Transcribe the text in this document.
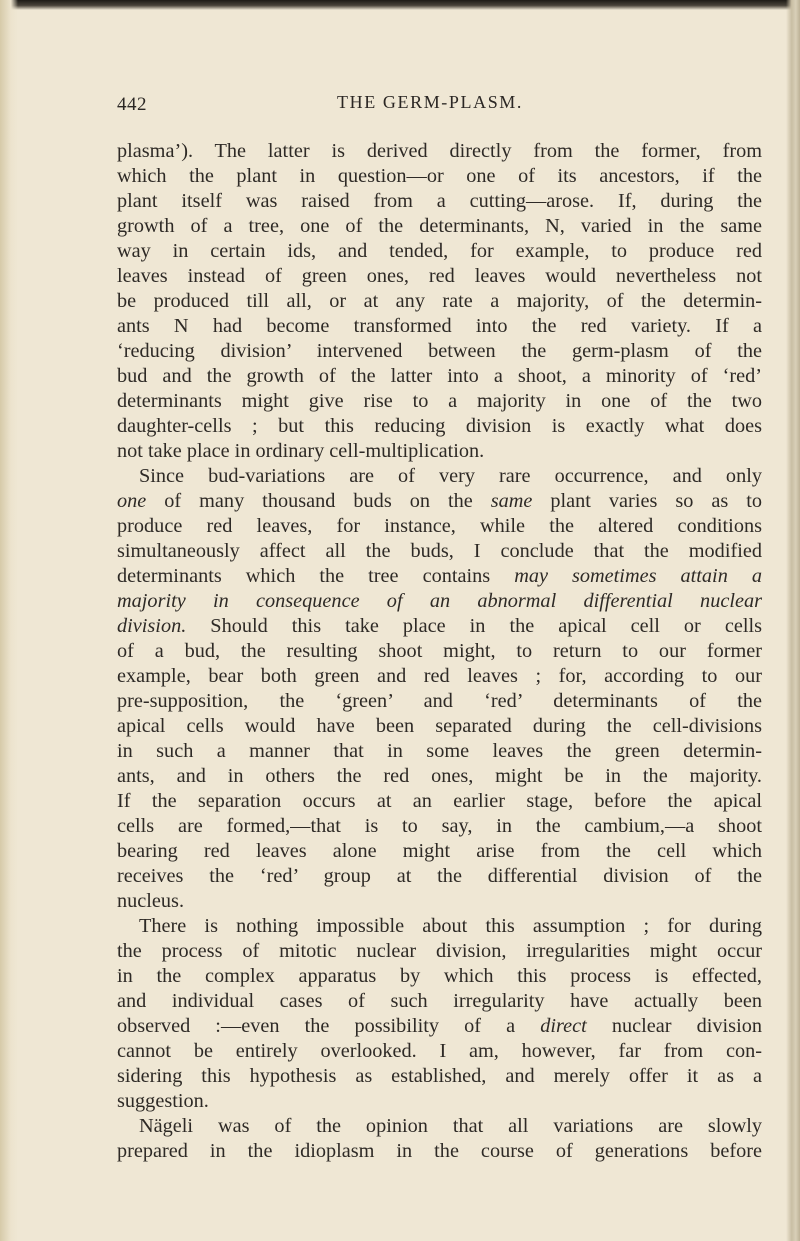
442	THE GERM-PLASM.
plasma’). The latter is derived directly from the former, from
which the plant in question—or one of its ancestors, if the
plant itself was raised from a cutting—arose. If, during the
growth of a tree, one of the determinants, N, varied in the same
way in certain ids, and tended, for example, to produce red
leaves instead of green ones, red leaves would nevertheless not
be produced till all, or at any rate a majority, of the determin-
ants N had become transformed into the red variety. If a
‘reducing division’ intervened between the germ-plasm of the
bud and the growth of the latter into a shoot, a minority of ‘red’
determinants might give rise to a majority in one of the two
daughter-cells ; but this reducing division is exactly what does
not take place in ordinary cell-multiplication.
Since bud-variations are of very rare occurrence, and only
one of many thousand buds on the same plant varies so as to
produce red leaves, for instance, while the altered conditions
simultaneously affect all the buds, I conclude that the modified
determinants which the tree contains may sometimes attain a
majority in consequence of an abnormal differential nuclear
division. Should this take place in the apical cell or cells
of a bud, the resulting shoot might, to return to our former
example, bear both green and red leaves ; for, according to our
pre-supposition, the ‘green’ and ‘red’ determinants of the
apical cells would have been separated during the cell-divisions
in such a manner that in some leaves the green determin-
ants, and in others the red ones, might be in the majority.
If the separation occurs at an earlier stage, before the apical
cells are formed,—that is to say, in the cambium,—a shoot
bearing red leaves alone might arise from the cell which
receives the ‘red’ group at the differential division of the
nucleus.
There is nothing impossible about this assumption ; for during
the process of mitotic nuclear division, irregularities might occur
in the complex apparatus by which this process is effected,
and individual cases of such irregularity have actually been
observed :—even the possibility of a direct nuclear division
cannot be entirely overlooked. I am, however, far from con-
sidering this hypothesis as established, and merely offer it as a
suggestion.
Nägeli was of the opinion that all variations are slowly
prepared in the idioplasm in the course of generations before
